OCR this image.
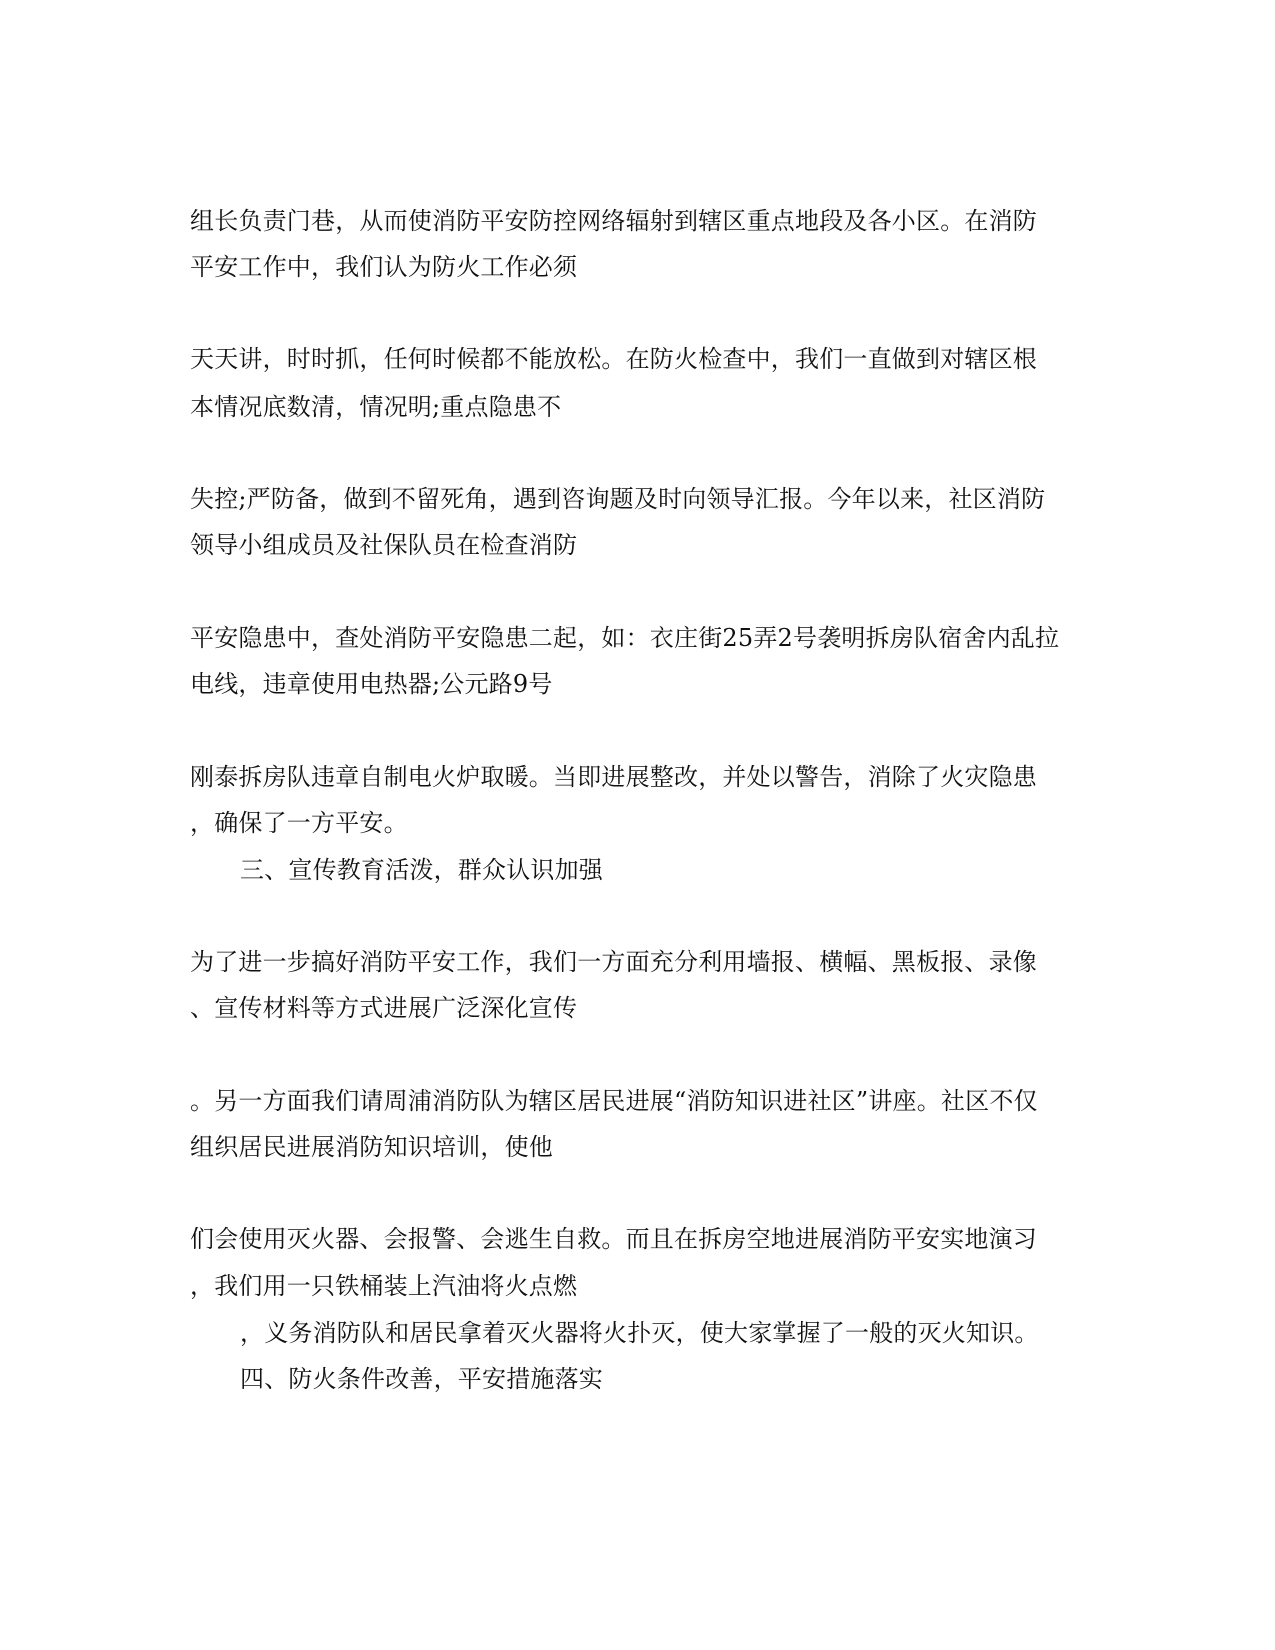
组长负责门巷，从而使消防平安防控网络辐射到辖区重点地段及各小区。在消防
平安工作中，我们认为防火工作必须
天天讲，时时抓，任何时候都不能放松。在防火检查中，我们一直做到对辖区根
本情况底数清，情况明;重点隐患不
失控;严防备，做到不留死角，遇到咨询题及时向领导汇报。今年以来，社区消防
领导小组成员及社保队员在检查消防
平安隐患中，查处消防平安隐患二起，如：衣庄街25弄2号袭明拆房队宿舍内乱拉
电线，违章使用电热器;公元路9号
刚泰拆房队违章自制电火炉取暖。当即进展整改，并处以警告，消除了火灾隐患
，确保了一方平安。
三、宣传教育活泼，群众认识加强
为了进一步搞好消防平安工作，我们一方面充分利用墙报、横幅、黑板报、录像
、宣传材料等方式进展广泛深化宣传
。另一方面我们请周浦消防队为辖区居民进展“消防知识进社区”讲座。社区不仅
组织居民进展消防知识培训，使他
们会使用灭火器、会报警、会逃生自救。而且在拆房空地进展消防平安实地演习
，我们用一只铁桶装上汽油将火点燃
，义务消防队和居民拿着灭火器将火扑灭，使大家掌握了一般的灭火知识。
四、防火条件改善，平安措施落实
